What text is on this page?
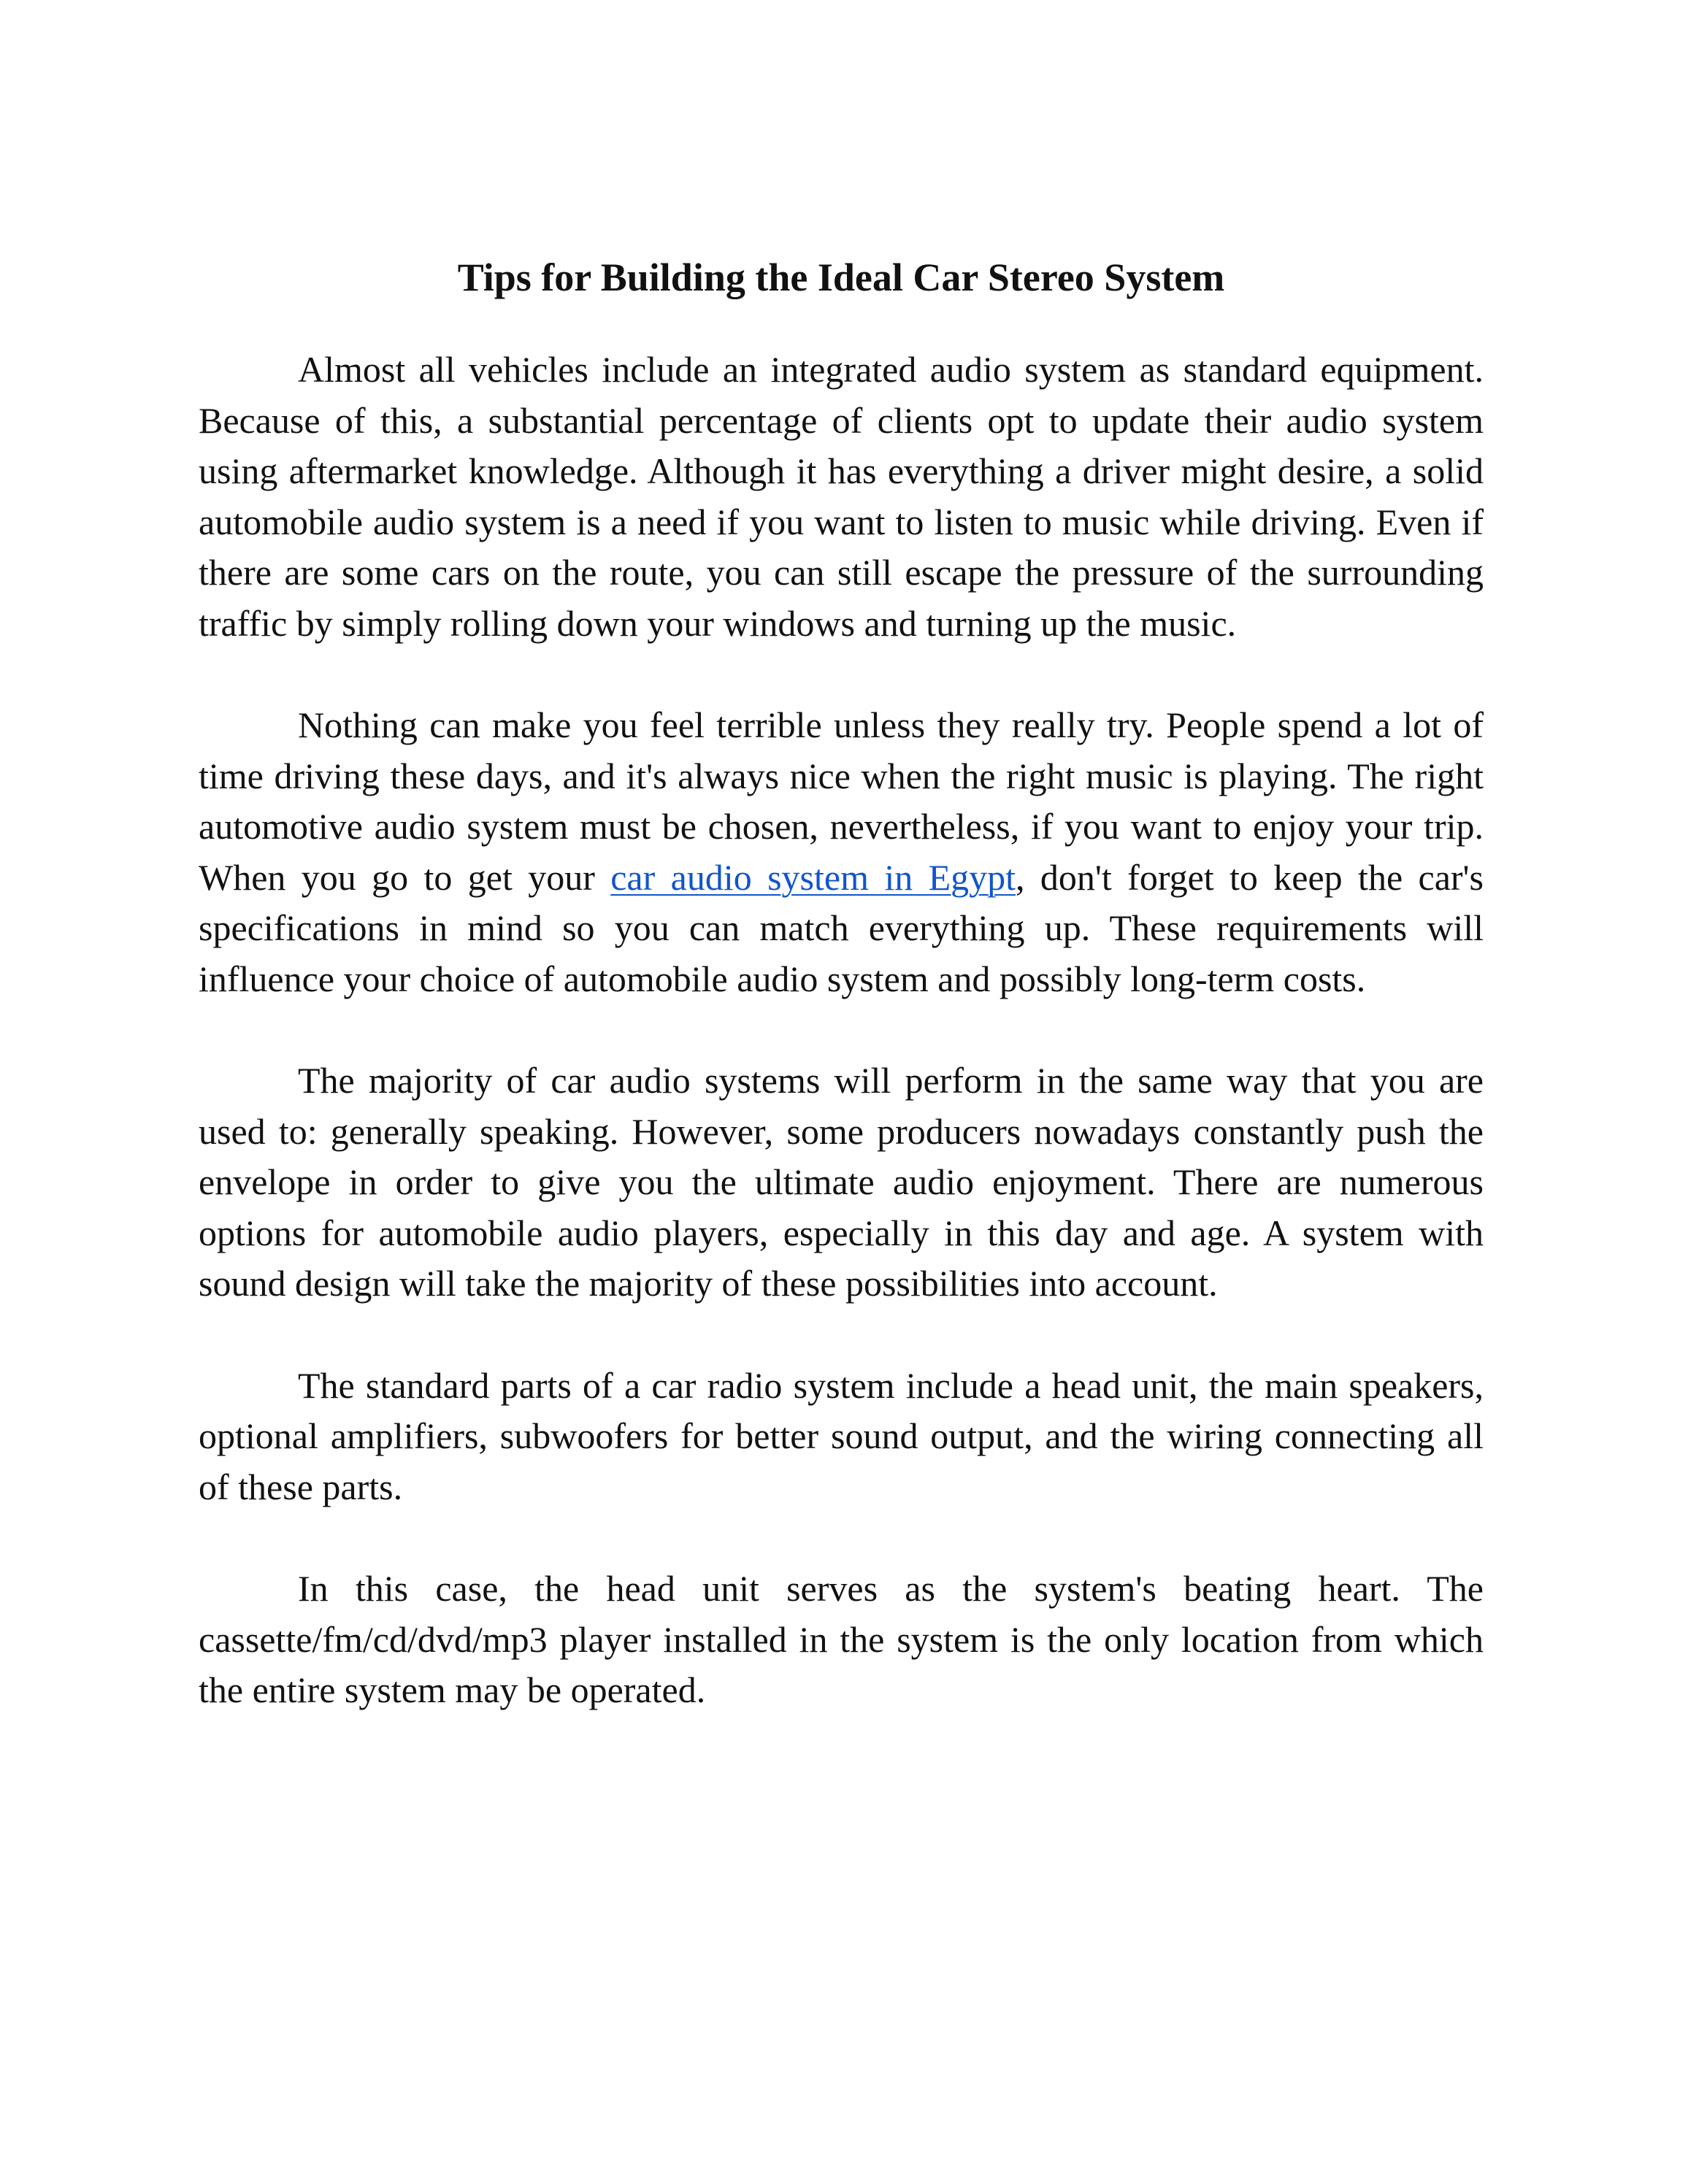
Tips for Building the Ideal Car Stereo System

Almost all vehicles include an integrated audio system as standard equipment. Because of this, a substantial percentage of clients opt to update their audio system using aftermarket knowledge. Although it has everything a driver might desire, a solid automobile audio system is a need if you want to listen to music while driving. Even if there are some cars on the route, you can still escape the pressure of the surrounding traffic by simply rolling down your windows and turning up the music.

Nothing can make you feel terrible unless they really try. People spend a lot of time driving these days, and it's always nice when the right music is playing. The right automotive audio system must be chosen, nevertheless, if you want to enjoy your trip. When you go to get your car audio system in Egypt, don't forget to keep the car's specifications in mind so you can match everything up. These requirements will influence your choice of automobile audio system and possibly long-term costs.

The majority of car audio systems will perform in the same way that you are used to: generally speaking. However, some producers nowadays constantly push the envelope in order to give you the ultimate audio enjoyment. There are numerous options for automobile audio players, especially in this day and age. A system with sound design will take the majority of these possibilities into account.

The standard parts of a car radio system include a head unit, the main speakers, optional amplifiers, subwoofers for better sound output, and the wiring connecting all of these parts.

In this case, the head unit serves as the system's beating heart. The cassette/fm/cd/dvd/mp3 player installed in the system is the only location from which the entire system may be operated.
